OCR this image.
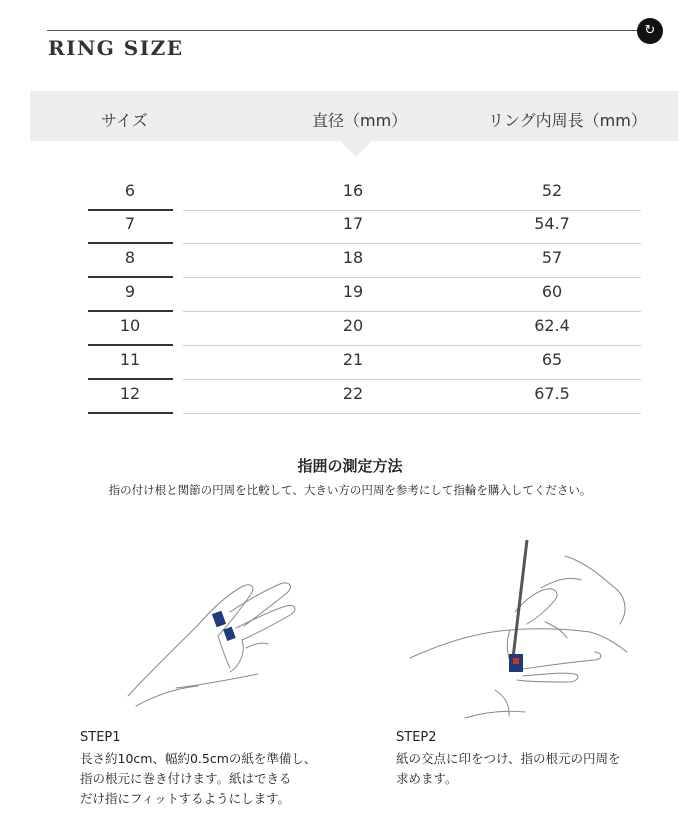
↻
RING SIZE
サイズ	直径（mm）	リング内周長（mm）
6	16	52
7	17	54.7
8	18	57
9	19	60
10	20	62.4
11	21	65
12	22	67.5
指囲の測定方法
指の付け根と関節の円周を比較して、大きい方の円周を参考にして指輪を購入してください。
STEP1
長さ約10cm、幅約0.5cmの紙を準備し、
指の根元に巻き付けます。紙はできる
だけ指にフィットするようにします。
STEP2
紙の交点に印をつけ、指の根元の円周を
求めます。
